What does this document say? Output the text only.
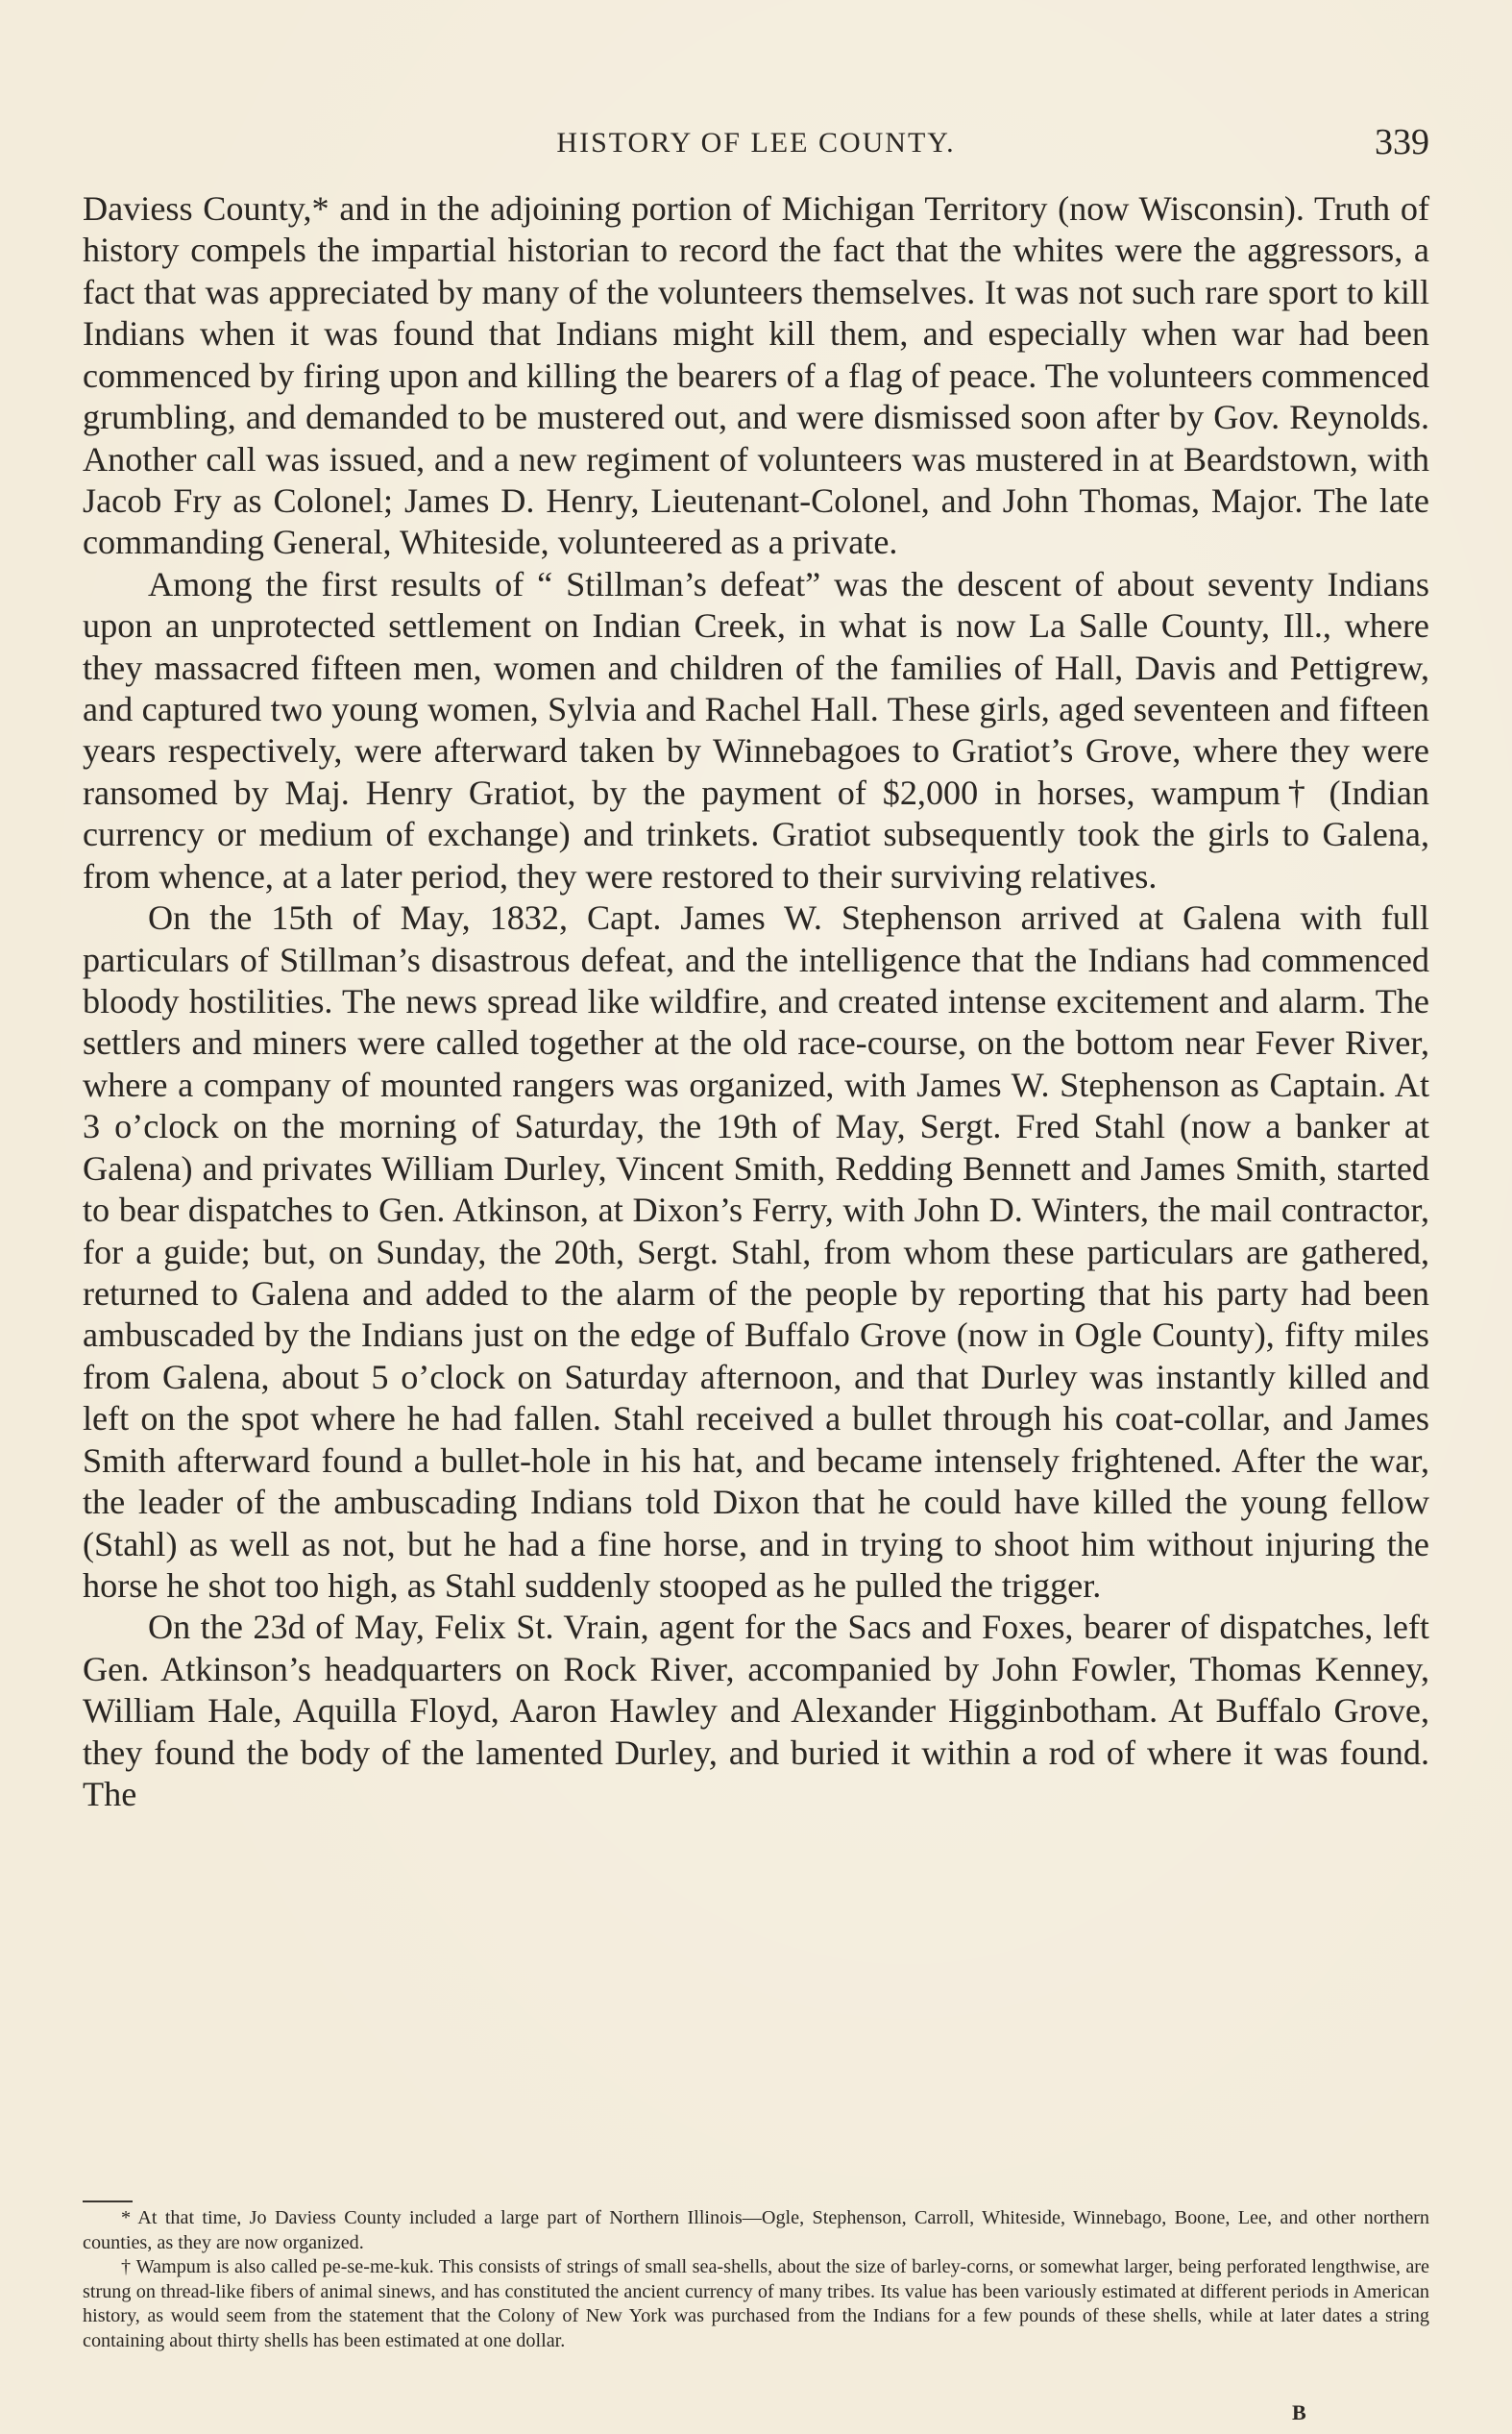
HISTORY OF LEE COUNTY.	339

Daviess County,* and in the adjoining portion of Michigan Territory (now Wisconsin). Truth of history compels the impartial historian to record the fact that the whites were the aggressors, a fact that was appreciated by many of the volunteers themselves. It was not such rare sport to kill Indians when it was found that Indians might kill them, and especially when war had been commenced by firing upon and killing the bearers of a flag of peace. The volunteers commenced grumbling, and demanded to be mustered out, and were dismissed soon after by Gov. Reynolds. Another call was issued, and a new regiment of volunteers was mustered in at Beardstown, with Jacob Fry as Colonel; James D. Henry, Lieutenant-Colonel, and John Thomas, Major. The late commanding General, Whiteside, volunteered as a private.

Among the first results of “ Stillman’s defeat” was the descent of about seventy Indians upon an unprotected settlement on Indian Creek, in what is now La Salle County, Ill., where they massacred fifteen men, women and children of the families of Hall, Davis and Pettigrew, and captured two young women, Sylvia and Rachel Hall. These girls, aged seventeen and fifteen years respectively, were afterward taken by Winnebagoes to Gratiot’s Grove, where they were ransomed by Maj. Henry Gratiot, by the payment of $2,000 in horses, wampum† (Indian currency or medium of exchange) and trinkets. Gratiot subsequently took the girls to Galena, from whence, at a later period, they were restored to their surviving relatives.

On the 15th of May, 1832, Capt. James W. Stephenson arrived at Galena with full particulars of Stillman’s disastrous defeat, and the intelligence that the Indians had commenced bloody hostilities. The news spread like wildfire, and created intense excitement and alarm. The settlers and miners were called together at the old race-course, on the bottom near Fever River, where a company of mounted rangers was organized, with James W. Stephenson as Captain. At 3 o’clock on the morning of Saturday, the 19th of May, Sergt. Fred Stahl (now a banker at Galena) and privates William Durley, Vincent Smith, Redding Bennett and James Smith, started to bear dispatches to Gen. Atkinson, at Dixon’s Ferry, with John D. Winters, the mail contractor, for a guide; but, on Sunday, the 20th, Sergt. Stahl, from whom these particulars are gathered, returned to Galena and added to the alarm of the people by reporting that his party had been ambuscaded by the Indians just on the edge of Buffalo Grove (now in Ogle County), fifty miles from Galena, about 5 o’clock on Saturday afternoon, and that Durley was instantly killed and left on the spot where he had fallen. Stahl received a bullet through his coat-collar, and James Smith afterward found a bullet-hole in his hat, and became intensely frightened. After the war, the leader of the ambuscading Indians told Dixon that he could have killed the young fellow (Stahl) as well as not, but he had a fine horse, and in trying to shoot him without injuring the horse he shot too high, as Stahl suddenly stooped as he pulled the trigger.

On the 23d of May, Felix St. Vrain, agent for the Sacs and Foxes, bearer of dispatches, left Gen. Atkinson’s headquarters on Rock River, accompanied by John Fowler, Thomas Kenney, William Hale, Aquilla Floyd, Aaron Hawley and Alexander Higginbotham. At Buffalo Grove, they found the body of the lamented Durley, and buried it within a rod of where it was found. The

* At that time, Jo Daviess County included a large part of Northern Illinois—Ogle, Stephenson, Carroll, Whiteside, Winnebago, Boone, Lee, and other northern counties, as they are now organized.

† Wampum is also called pe-se-me-kuk. This consists of strings of small sea-shells, about the size of barley-corns, or somewhat larger, being perforated lengthwise, are strung on thread-like fibers of animal sinews, and has constituted the ancient currency of many tribes. Its value has been variously estimated at different periods in American history, as would seem from the statement that the Colony of New York was purchased from the Indians for a few pounds of these shells, while at later dates a string containing about thirty shells has been estimated at one dollar.

B
